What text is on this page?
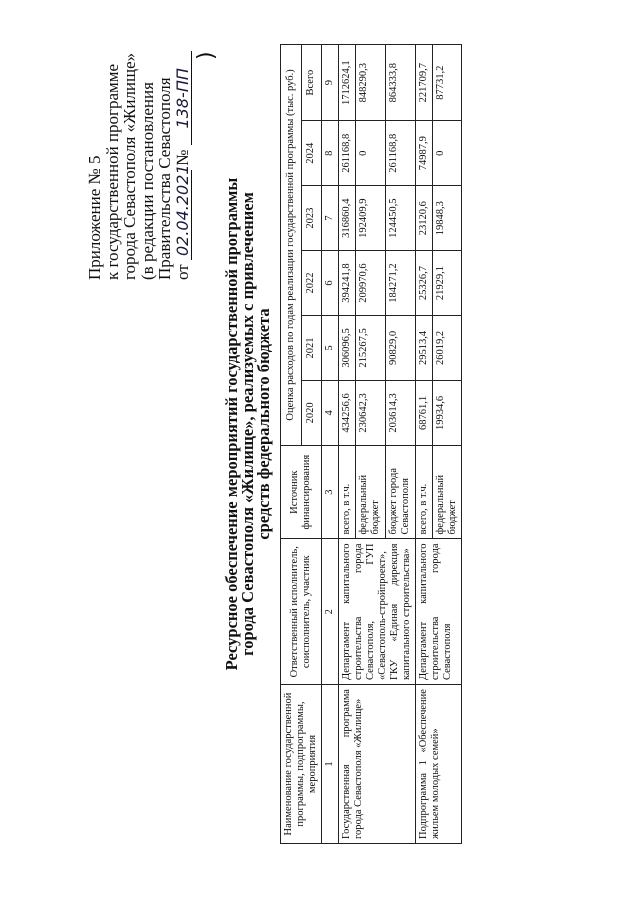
Приложение № 5
к государственной программе
города Севастополя «Жилище»
(в редакции постановления
Правительства Севастополя
от 02.04.2021 № 138-ПП
)
Ресурсное обеспечение мероприятий государственной программы
города Севастополя «Жилище», реализуемых с привлечением
средств федерального бюджета
Наименование государственной программы, подпрограммы, мероприятия	Ответственный исполнитель, соисполнитель, участник	Источник финансирования	Оценка расходов по годам реализации государственной программы (тыс. руб.)					
			2020	2021	2022	2023	2024	Всего
1	2	3	4	5	6	7	8	9
Государственная программа города Севастополя «Жилище»	Департамент капитального строительства города Севастополя, ГУП «Севастополь-стройпроект», ГКУ «Единая дирекция капитального строительства»	всего, в т.ч.	434256,6	306096,5	394241,8	316860,4	261168,8	1712624,1
		федеральный бюджет	230642,3	215267,5	209970,6	192409,9	0	848290,3
		бюджет города Севастополя	203614,3	90829,0	184271,2	124450,5	261168,8	864333,8
Подпрограмма 1 «Обеспечение жильем молодых семей»	Департамент капитального строительства города Севастополя	всего, в т.ч.	68761,1	29513,4	25326,7	23120,6	74987,9	221709,7
		федеральный бюджет	19934,6	26019,2	21929,1	19848,3	0	87731,2
